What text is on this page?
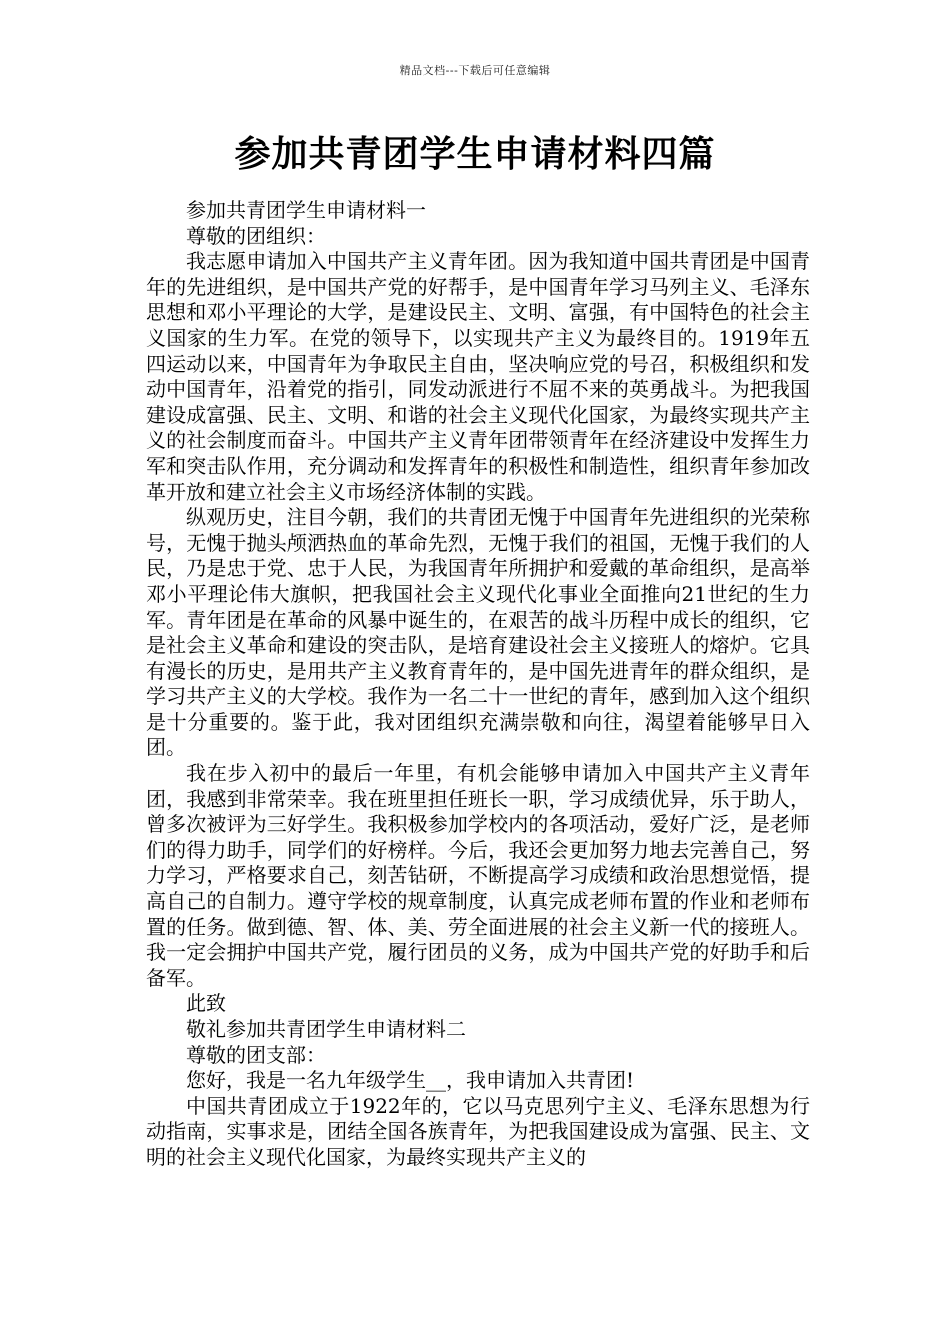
精品文档---下载后可任意编辑
参加共青团学生申请材料四篇

参加共青团学生申请材料一

尊敬的团组织：

我志愿申请加入中国共产主义青年团。因为我知道中国共青团是中国青年的先进组织，是中国共产党的好帮手，是中国青年学习马列主义、毛泽东思想和邓小平理论的大学，是建设民主、文明、富强，有中国特色的社会主义国家的生力军。在党的领导下，以实现共产主义为最终目的。1919年五四运动以来，中国青年为争取民主自由，坚决响应党的号召，积极组织和发动中国青年，沿着党的指引，同发动派进行不屈不来的英勇战斗。为把我国建设成富强、民主、文明、和谐的社会主义现代化国家，为最终实现共产主义的社会制度而奋斗。中国共产主义青年团带领青年在经济建设中发挥生力军和突击队作用，充分调动和发挥青年的积极性和制造性，组织青年参加改革开放和建立社会主义市场经济体制的实践。

纵观历史，注目今朝，我们的共青团无愧于中国青年先进组织的光荣称号，无愧于抛头颅洒热血的革命先烈，无愧于我们的祖国，无愧于我们的人民，乃是忠于党、忠于人民，为我国青年所拥护和爱戴的革命组织，是高举邓小平理论伟大旗帜，把我国社会主义现代化事业全面推向21世纪的生力军。青年团是在革命的风暴中诞生的，在艰苦的战斗历程中成长的组织，它是社会主义革命和建设的突击队，是培育建设社会主义接班人的熔炉。它具有漫长的历史，是用共产主义教育青年的，是中国先进青年的群众组织，是学习共产主义的大学校。我作为一名二十一世纪的青年，感到加入这个组织是十分重要的。鉴于此，我对团组织充满崇敬和向往，渴望着能够早日入团。

我在步入初中的最后一年里，有机会能够申请加入中国共产主义青年团，我感到非常荣幸。我在班里担任班长一职，学习成绩优异，乐于助人，曾多次被评为三好学生。我积极参加学校内的各项活动，爱好广泛，是老师们的得力助手，同学们的好榜样。今后，我还会更加努力地去完善自己，努力学习，严格要求自己，刻苦钻研，不断提高学习成绩和政治思想觉悟，提高自己的自制力。遵守学校的规章制度，认真完成老师布置的作业和老师布置的任务。做到德、智、体、美、劳全面进展的社会主义新一代的接班人。我一定会拥护中国共产党，履行团员的义务，成为中国共产党的好助手和后备军。

此致

敬礼参加共青团学生申请材料二

尊敬的团支部：

您好，我是一名九年级学生__，我申请加入共青团!

中国共青团成立于1922年的，它以马克思列宁主义、毛泽东思想为行动指南，实事求是，团结全国各族青年，为把我国建设成为富强、民主、文明的社会主义现代化国家，为最终实现共产主义的
